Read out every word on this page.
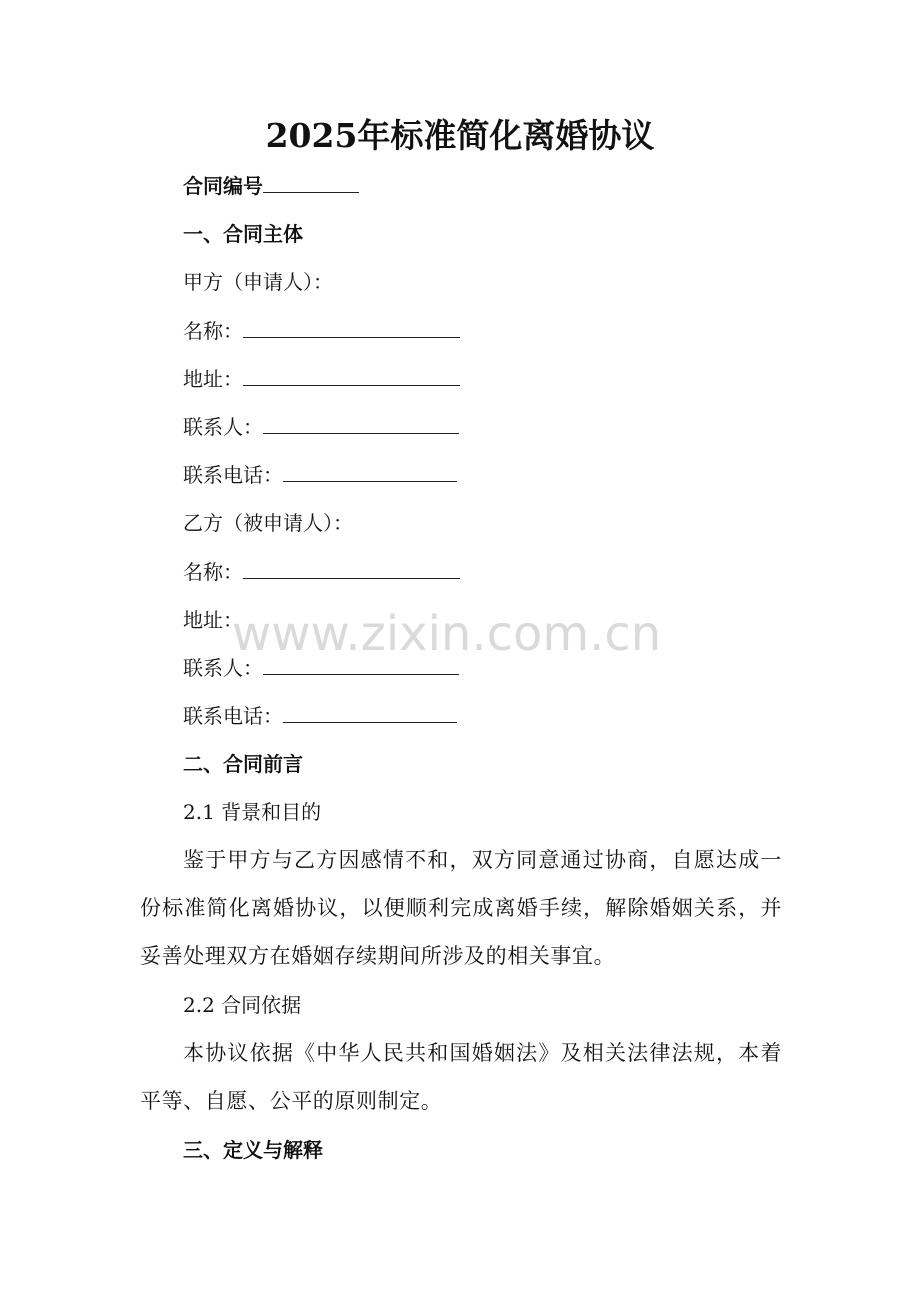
2025年标准简化离婚协议
合同编号
一、合同主体
甲方（申请人）：
名称：
地址：
联系人：
联系电话：
乙方（被申请人）：
名称：
地址：
联系人：
联系电话：
二、合同前言
2.1 背景和目的
鉴于甲方与乙方因感情不和，双方同意通过协商，自愿达成一份标准简化离婚协议，以便顺利完成离婚手续，解除婚姻关系，并妥善处理双方在婚姻存续期间所涉及的相关事宜。
2.2 合同依据
本协议依据《中华人民共和国婚姻法》及相关法律法规，本着平等、自愿、公平的原则制定。
三、定义与解释
www.zixin.com.cn
